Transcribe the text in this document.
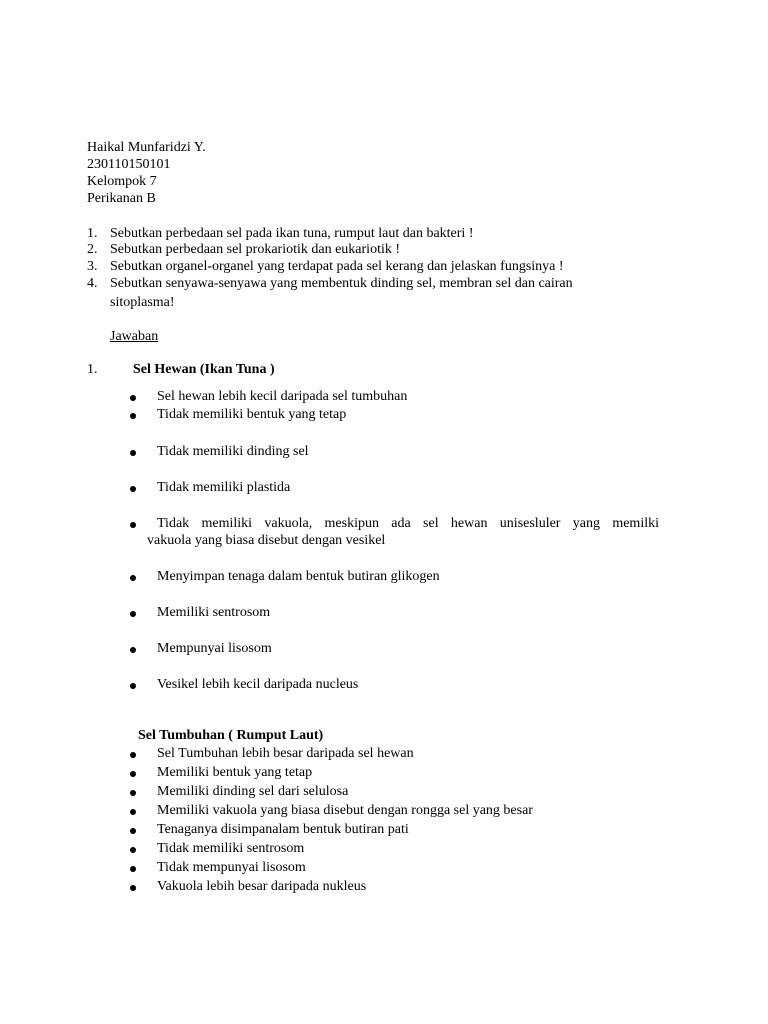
Haikal Munfaridzi Y.
230110150101
Kelompok 7
Perikanan B
1. Sebutkan perbedaan sel pada ikan tuna, rumput laut dan bakteri !
2. Sebutkan perbedaan sel prokariotik dan eukariotik !
3. Sebutkan organel-organel yang terdapat pada sel kerang dan jelaskan fungsinya !
4. Sebutkan senyawa-senyawa yang membentuk dinding sel, membran sel dan cairan
sitoplasma!
Jawaban
1.	Sel Hewan (Ikan Tuna )
Sel hewan lebih kecil daripada sel tumbuhan
Tidak memiliki bentuk yang tetap
Tidak memiliki dinding sel
Tidak memiliki plastida
Tidak memiliki vakuola, meskipun ada sel hewan unisesluler yang memilki
vakuola yang biasa disebut dengan vesikel
Menyimpan tenaga dalam bentuk butiran glikogen
Memiliki sentrosom
Mempunyai lisosom
Vesikel lebih kecil daripada nucleus
Sel Tumbuhan ( Rumput Laut)
Sel Tumbuhan lebih besar daripada sel hewan
Memiliki bentuk yang tetap
Memiliki dinding sel dari selulosa
Memiliki vakuola yang biasa disebut dengan rongga sel yang besar
Tenaganya disimpanalam bentuk butiran pati
Tidak memiliki sentrosom
Tidak mempunyai lisosom
Vakuola lebih besar daripada nukleus
